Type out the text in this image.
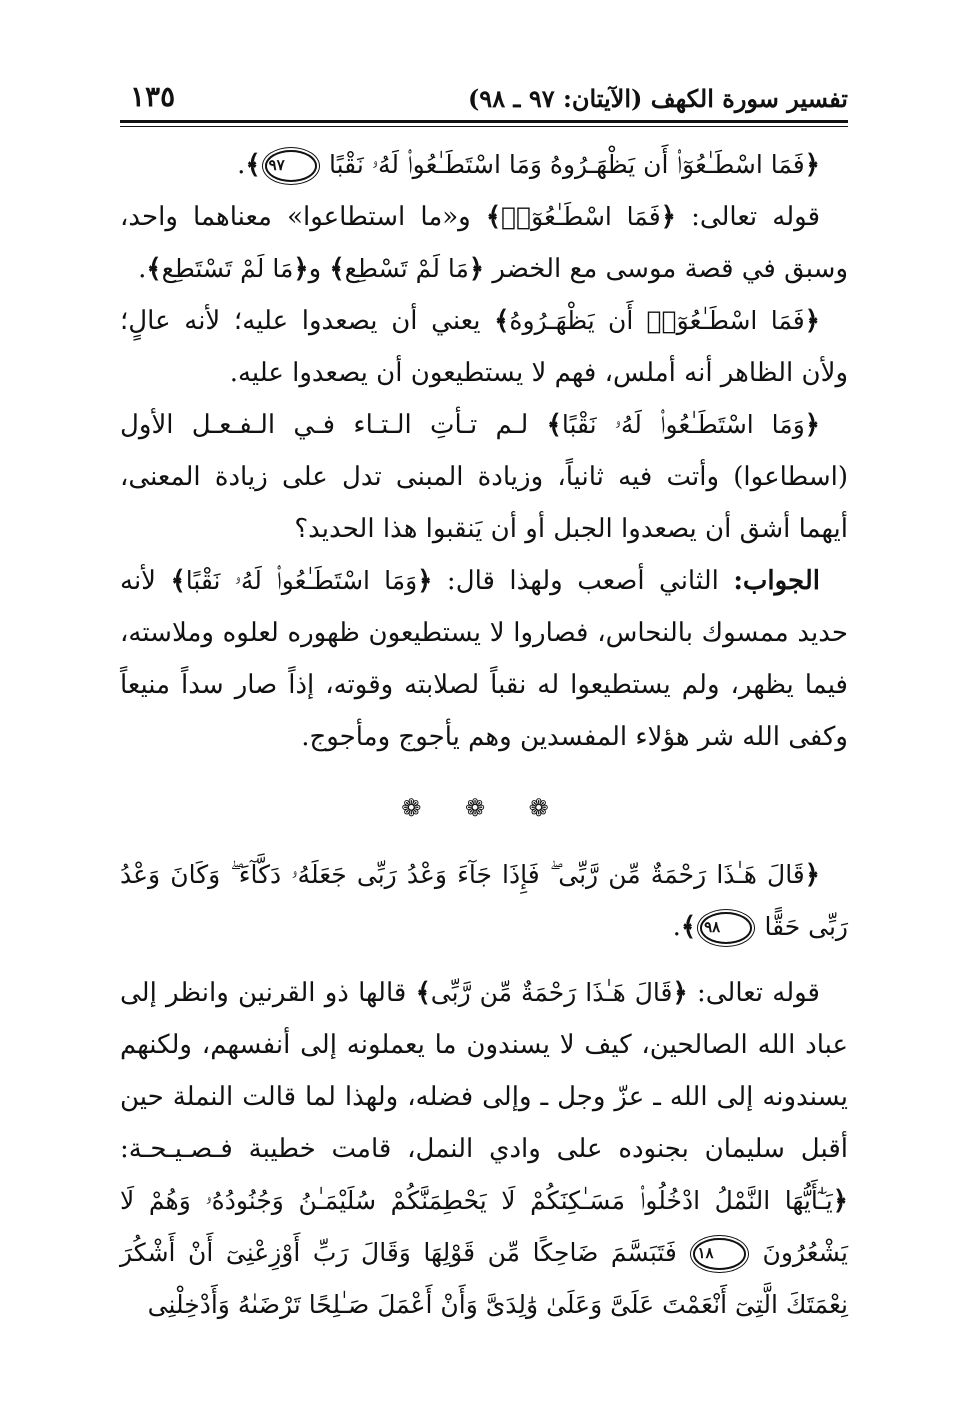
تفسير سورة الكهف (الآيتان: ٩٧ ـ ٩٨)
١٣٥

﴿فَمَا اسْطَـٰعُوٓا۟ أَن يَظْهَـرُوهُ وَمَا اسْتَطَـٰعُوا۟ لَهُۥ نَقْبًا ٩٧﴾.

قوله تعالى: ﴿فَمَا اسْطَـٰعُوٓا۟﴾ و«ما استطاعوا» معناهما واحد، وسبق في قصة موسى مع الخضر ﴿مَا لَمْ تَسْطِع﴾ و﴿مَا لَمْ تَسْتَطِع﴾.

﴿فَمَا اسْطَـٰعُوٓا۟ أَن يَظْهَـرُوهُ﴾ يعني أن يصعدوا عليه؛ لأنه عالٍ؛ ولأن الظاهر أنه أملس، فهم لا يستطيعون أن يصعدوا عليه.

﴿وَمَا اسْتَطَـٰعُوا۟ لَهُۥ نَقْبًا﴾ لـم تـأتِ الـتـاء فـي الـفـعـل الأول (اسطاعوا) وأتت فيه ثانياً، وزيادة المبنى تدل على زيادة المعنى، أيهما أشق أن يصعدوا الجبل أو أن يَنقبوا هذا الحديد؟

الجواب: الثاني أصعب ولهذا قال: ﴿وَمَا اسْتَطَـٰعُوا۟ لَهُۥ نَقْبًا﴾ لأنه حديد ممسوك بالنحاس، فصاروا لا يستطيعون ظهوره لعلوه وملاسته، فيما يظهر، ولم يستطيعوا له نقباً لصلابته وقوته، إذاً صار سداً منيعاً وكفى الله شر هؤلاء المفسدين وهم يأجوج ومأجوج.

❁ ❁ ❁

﴿قَالَ هَـٰذَا رَحْمَةٌ مِّن رَّبِّى ۖ فَإِذَا جَآءَ وَعْدُ رَبِّى جَعَلَهُۥ دَكَّآءَ ۖ وَكَانَ وَعْدُ رَبِّى حَقًّا ٩٨﴾.

قوله تعالى: ﴿قَالَ هَـٰذَا رَحْمَةٌ مِّن رَّبِّى﴾ قالها ذو القرنين وانظر إلى عباد الله الصالحين، كيف لا يسندون ما يعملونه إلى أنفسهم، ولكنهم يسندونه إلى الله ـ عزّ وجل ـ وإلى فضله، ولهذا لما قالت النملة حين أقبل سليمان بجنوده على وادي النمل، قامت خطيبة فـصـيـحـة: ﴿يَـٰٓأَيُّهَا النَّمْلُ ادْخُلُوا۟ مَسَـٰكِنَكُمْ لَا يَحْطِمَنَّكُمْ سُلَيْمَـٰنُ وَجُنُودُهُۥ وَهُمْ لَا يَشْعُرُونَ ١٨ فَتَبَسَّمَ ضَاحِكًا مِّن قَوْلِهَا وَقَالَ رَبِّ أَوْزِعْنِىٓ أَنْ أَشْكُرَ نِعْمَتَكَ الَّتِىٓ أَنْعَمْتَ عَلَىَّ وَعَلَىٰ وَٰلِدَىَّ وَأَنْ أَعْمَلَ صَـٰلِحًا تَرْضَىٰهُ وَأَدْخِلْنِى
